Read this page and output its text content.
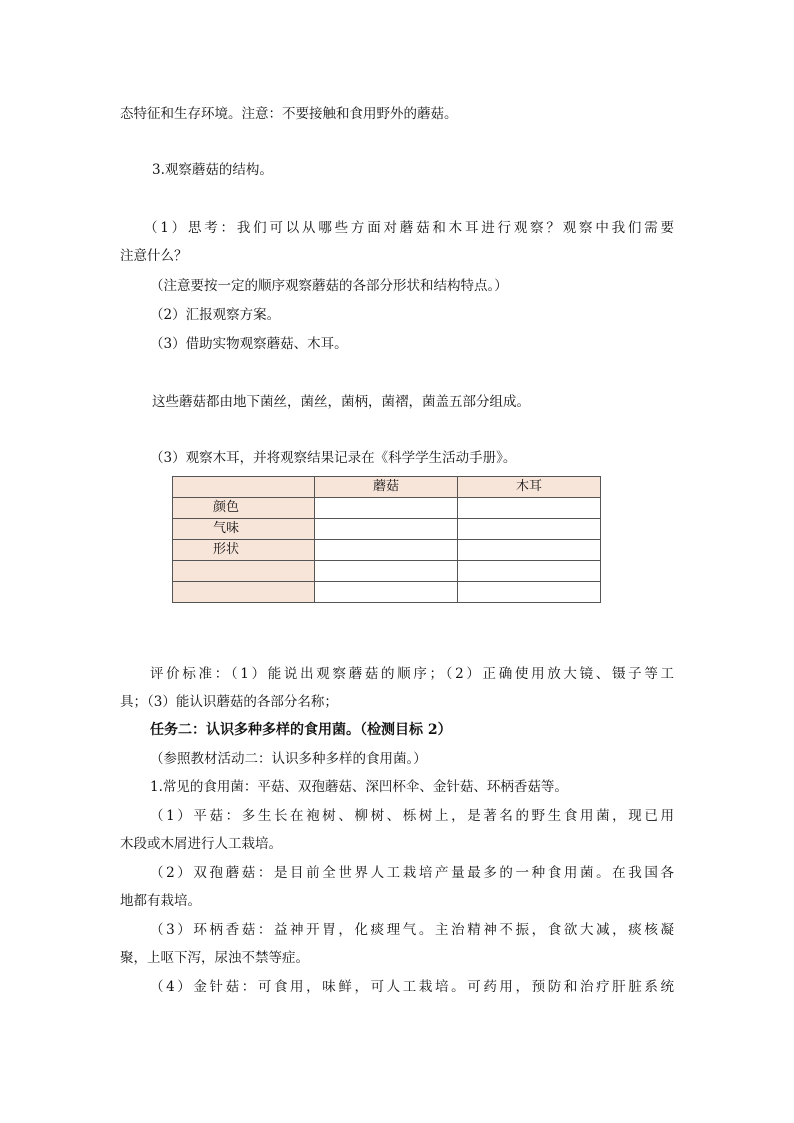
态特征和生存环境。注意：不要接触和食用野外的蘑菇。
3.观察蘑菇的结构。
（1）思考：我们可以从哪些方面对蘑菇和木耳进行观察？观察中我们需要
注意什么？
（注意要按一定的顺序观察蘑菇的各部分形状和结构特点。）
（2）汇报观察方案。
（3）借助实物观察蘑菇、木耳。
这些蘑菇都由地下菌丝，菌丝，菌柄，菌褶，菌盖五部分组成。
（3）观察木耳，并将观察结果记录在《科学学生活动手册》。
	蘑菇	木耳
颜色		
气味		
形状		

评价标准：（1）能说出观察蘑菇的顺序；（2）正确使用放大镜、镊子等工
具；（3）能认识蘑菇的各部分名称；
任务二：认识多种多样的食用菌。（检测目标 2）
（参照教材活动二：认识多种多样的食用菌。）
1.常见的食用菌：平菇、双孢蘑菇、深凹杯伞、金针菇、环柄香菇等。
（1）平菇：多生长在袍树、柳树、栎树上，是著名的野生食用菌，现已用
木段或木屑进行人工栽培。
（2）双孢蘑菇：是目前全世界人工栽培产量最多的一种食用菌。在我国各
地都有栽培。
（3）环柄香菇：益神开胃，化痰理气。主治精神不振，食欲大减，痰核凝
聚，上呕下泻，尿浊不禁等症。
（4）金针菇：可食用，味鲜，可人工栽培。可药用，预防和治疗肝脏系统
